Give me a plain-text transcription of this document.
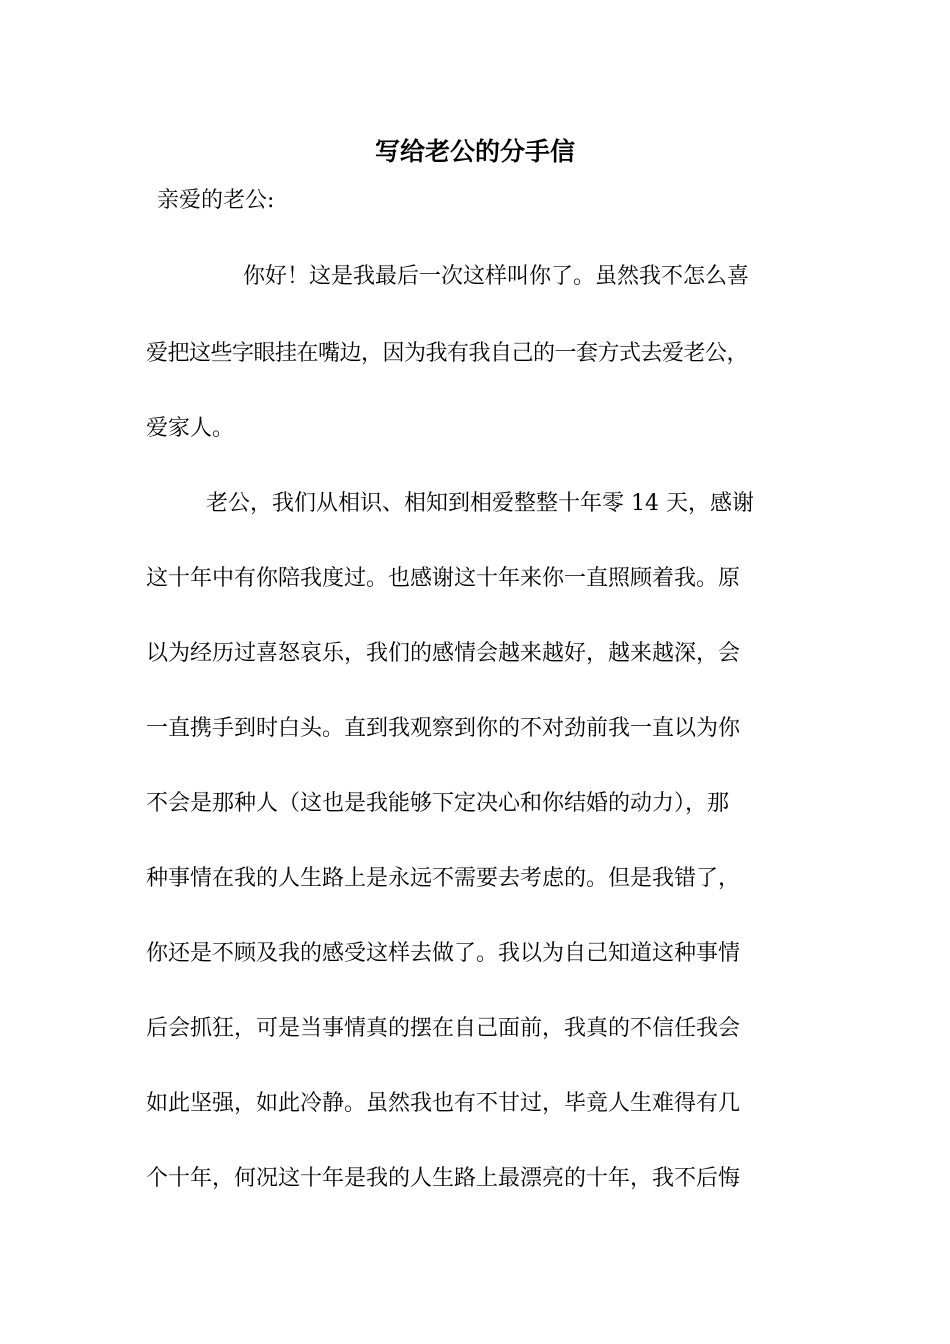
写给老公的分手信

亲爱的老公:

你好！这是我最后一次这样叫你了。虽然我不怎么喜

爱把这些字眼挂在嘴边，因为我有我自己的一套方式去爱老公，

爱家人。

老公，我们从相识、相知到相爱整整十年零 14 天，感谢

这十年中有你陪我度过。也感谢这十年来你一直照顾着我。原

以为经历过喜怒哀乐，我们的感情会越来越好，越来越深，会

一直携手到时白头。直到我观察到你的不对劲前我一直以为你

不会是那种人（这也是我能够下定决心和你结婚的动力），那

种事情在我的人生路上是永远不需要去考虑的。但是我错了，

你还是不顾及我的感受这样去做了。我以为自己知道这种事情

后会抓狂，可是当事情真的摆在自己面前，我真的不信任我会

如此坚强，如此冷静。虽然我也有不甘过，毕竟人生难得有几

个十年，何况这十年是我的人生路上最漂亮的十年，我不后悔
